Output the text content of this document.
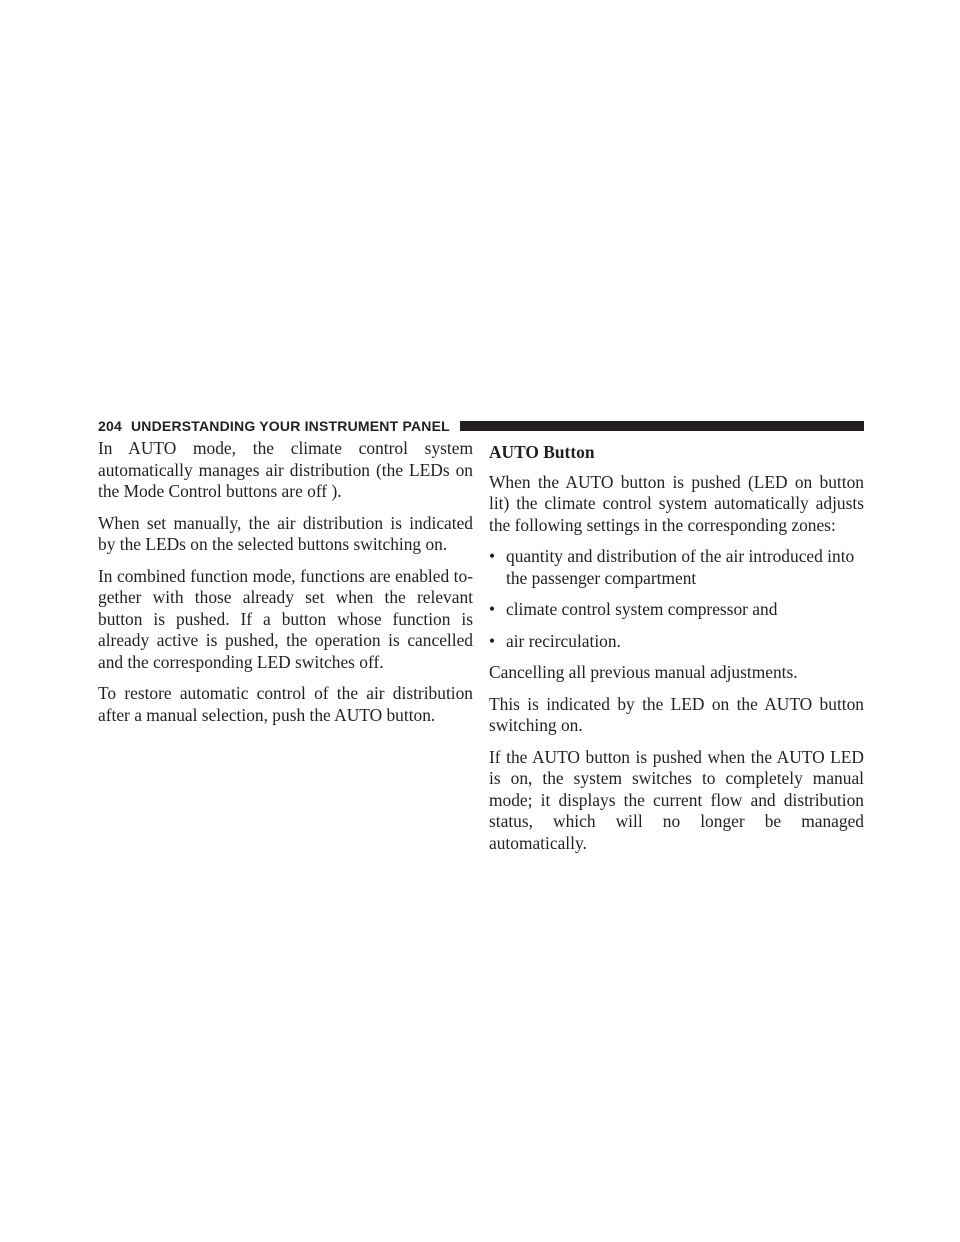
204 UNDERSTANDING YOUR INSTRUMENT PANEL

In AUTO mode, the climate control system automatically manages air distribution (the LEDs on the Mode Control buttons are off ).

When set manually, the air distribution is indicated by the LEDs on the selected buttons switching on.

In combined function mode, functions are enabled together with those already set when the relevant button is pushed. If a button whose function is already active is pushed, the operation is cancelled and the corresponding LED switches off.

To restore automatic control of the air distribution after a manual selection, push the AUTO button.

AUTO Button

When the AUTO button is pushed (LED on button lit) the climate control system automatically adjusts the following settings in the corresponding zones:

• quantity and distribution of the air introduced into the passenger compartment
• climate control system compressor and
• air recirculation.

Cancelling all previous manual adjustments.

This is indicated by the LED on the AUTO button switching on.

If the AUTO button is pushed when the AUTO LED is on, the system switches to completely manual mode; it displays the current flow and distribution status, which will no longer be managed automatically.
